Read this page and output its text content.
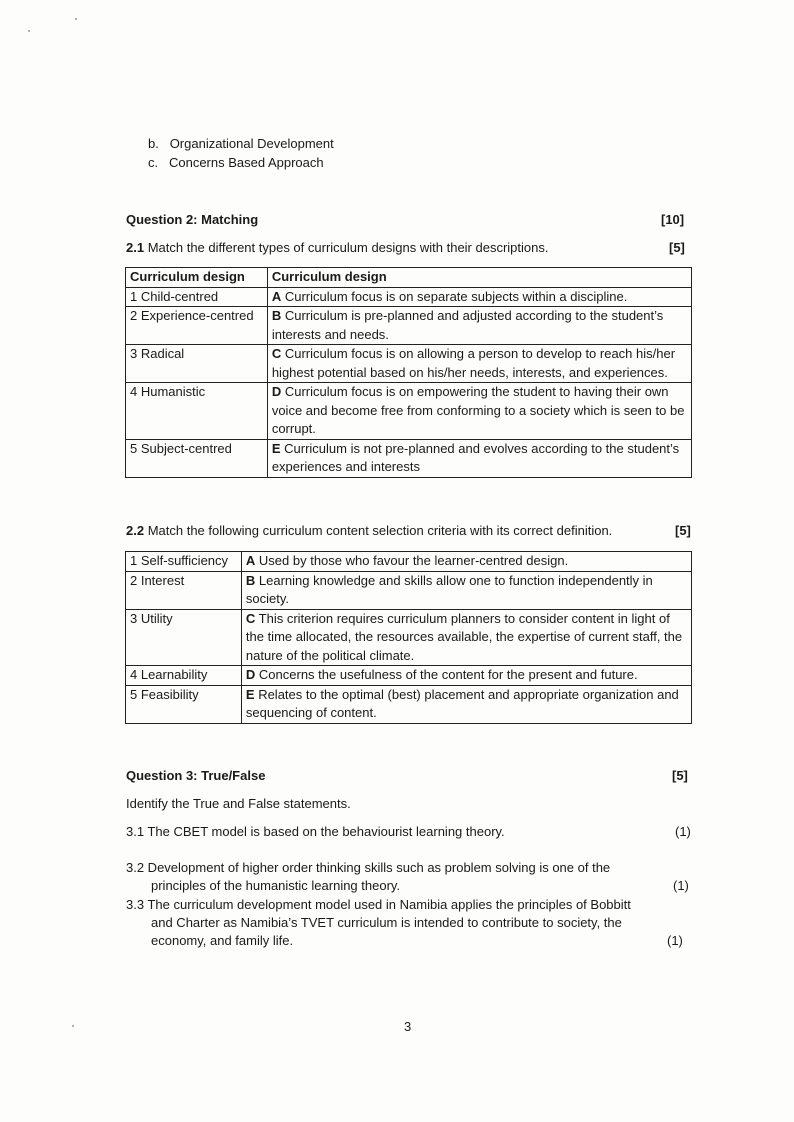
b. Organizational Development
c. Concerns Based Approach
Question 2: Matching	[10]
2.1 Match the different types of curriculum designs with their descriptions.	[5]
Curriculum design	Curriculum design
1 Child-centred	A Curriculum focus is on separate subjects within a discipline.
2 Experience-centred	B Curriculum is pre-planned and adjusted according to the student’s interests and needs.
3 Radical	C Curriculum focus is on allowing a person to develop to reach his/her highest potential based on his/her needs, interests, and experiences.
4 Humanistic	D Curriculum focus is on empowering the student to having their own voice and become free from conforming to a society which is seen to be corrupt.
5 Subject-centred	E Curriculum is not pre-planned and evolves according to the student’s experiences and interests
2.2 Match the following curriculum content selection criteria with its correct definition.	[5]
1 Self-sufficiency	A Used by those who favour the learner-centred design.
2 Interest	B Learning knowledge and skills allow one to function independently in society.
3 Utility	C This criterion requires curriculum planners to consider content in light of the time allocated, the resources available, the expertise of current staff, the nature of the political climate.
4 Learnability	D Concerns the usefulness of the content for the present and future.
5 Feasibility	E Relates to the optimal (best) placement and appropriate organization and sequencing of content.
Question 3: True/False	[5]
Identify the True and False statements.
3.1 The CBET model is based on the behaviourist learning theory.	(1)
3.2 Development of higher order thinking skills such as problem solving is one of the
principles of the humanistic learning theory.	(1)
3.3 The curriculum development model used in Namibia applies the principles of Bobbitt
and Charter as Namibia’s TVET curriculum is intended to contribute to society, the
economy, and family life.	(1)
3
